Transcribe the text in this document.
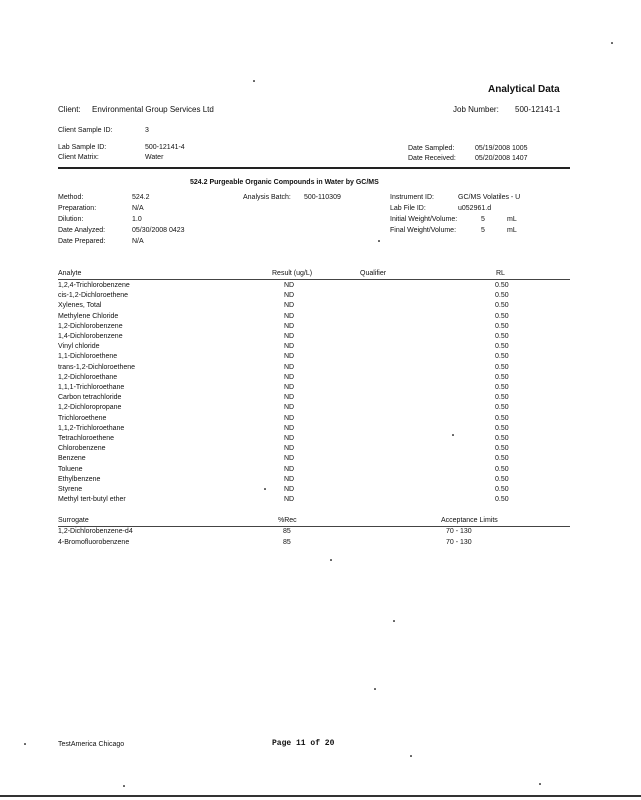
Analytical Data
Client: Environmental Group Services Ltd	Job Number: 500-12141-1
Client Sample ID:	3
Lab Sample ID:	500-12141-4
Client Matrix:	Water
Date Sampled:	05/19/2008 1005
Date Received:	05/20/2008 1407
524.2 Purgeable Organic Compounds in Water by GC/MS
Method:	524.2
Preparation:	N/A
Dilution:	1.0
Date Analyzed:	05/30/2008 0423
Date Prepared:	N/A
Analysis Batch: 500-110309	Instrument ID:	GC/MS Volatiles - U
Lab File ID:	u052961.d
Initial Weight/Volume:	5	mL
Final Weight/Volume:	5	mL
Analyte	Result (ug/L)	Qualifier	RL
1,2,4-Trichlorobenzene	ND	0.50
cis-1,2-Dichloroethene	ND	0.50
Xylenes, Total	ND	0.50
Methylene Chloride	ND	0.50
1,2-Dichlorobenzene	ND	0.50
1,4-Dichlorobenzene	ND	0.50
Vinyl chloride	ND	0.50
1,1-Dichloroethene	ND	0.50
trans-1,2-Dichloroethene	ND	0.50
1,2-Dichloroethane	ND	0.50
1,1,1-Trichloroethane	ND	0.50
Carbon tetrachloride	ND	0.50
1,2-Dichloropropane	ND	0.50
Trichloroethene	ND	0.50
1,1,2-Trichloroethane	ND	0.50
Tetrachloroethene	ND	0.50
Chlorobenzene	ND	0.50
Benzene	ND	0.50
Toluene	ND	0.50
Ethylbenzene	ND	0.50
Styrene	ND	0.50
Methyl tert-butyl ether	ND	0.50
Surrogate	%Rec	Acceptance Limits
1,2-Dichlorobenzene-d4	85	70 - 130
4-Bromofluorobenzene	85	70 - 130
TestAmerica Chicago	Page 11 of 20
